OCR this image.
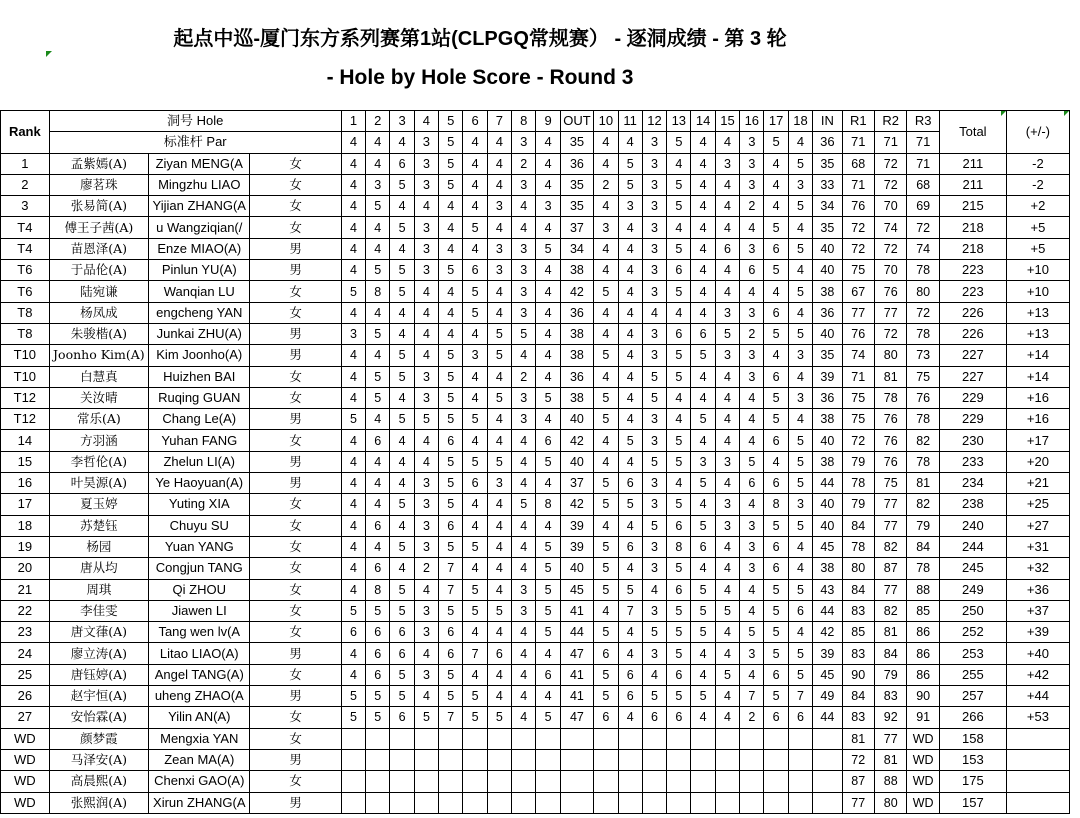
起点中巡-厦门东方系列赛第1站(CLPGQ常规赛） - 逐洞成绩 - 第 3 轮
- Hole by Hole Score - Round 3
Rank	洞号 Hole			1	2	3	4	5	6	7	8	9	OUT	10	11	12	13	14	15	16	17	18	IN	R1	R2	R3	Total	(+/-)
	标准杆 Par			4	4	4	3	5	4	4	3	4	35	4	4	3	5	4	4	3	5	4	36	71	71	71		
1	孟紫嫣(A)	Ziyan MENG(A	女	4	4	6	3	5	4	4	2	4	36	4	5	3	4	4	3	3	4	5	35	68	72	71	211	-2
2	廖茗珠	Mingzhu LIAO	女	4	3	5	3	5	4	4	3	4	35	2	5	3	5	4	4	3	4	3	33	71	72	68	211	-2
3	张易简(A)	Yijian ZHANG(A	女	4	5	4	4	4	4	3	4	3	35	4	3	3	5	4	4	2	4	5	34	76	70	69	215	+2
T4	傅王子茜(A)	u Wangziqian(/	女	4	4	5	3	4	5	4	4	4	37	3	4	3	4	4	4	4	5	4	35	72	74	72	218	+5
T4	苗恩泽(A)	Enze MIAO(A)	男	4	4	4	3	4	4	3	3	5	34	4	4	3	5	4	6	3	6	5	40	72	72	74	218	+5
T6	于品伦(A)	Pinlun YU(A)	男	4	5	5	3	5	6	3	3	4	38	4	4	3	6	4	4	6	5	4	40	75	70	78	223	+10
T6	陆宛谦	Wanqian LU	女	5	8	5	4	4	5	4	3	4	42	5	4	3	5	4	4	4	4	5	38	67	76	80	223	+10
T8	杨凤成	engcheng YAN	女	4	4	4	4	4	5	4	3	4	36	4	4	4	4	4	3	3	6	4	36	77	77	72	226	+13
T8	朱骏楷(A)	Junkai ZHU(A)	男	3	5	4	4	4	4	5	5	4	38	4	4	3	6	6	5	2	5	5	40	76	72	78	226	+13
T10	Joonho Kim(A)	Kim Joonho(A)	男	4	4	5	4	5	3	5	4	4	38	5	4	3	5	5	3	3	4	3	35	74	80	73	227	+14
T10	白慧真	Huizhen BAI	女	4	5	5	3	5	4	4	2	4	36	4	4	5	5	4	4	3	6	4	39	71	81	75	227	+14
T12	关汝晴	Ruqing GUAN	女	4	5	4	3	5	4	5	3	5	38	5	4	5	4	4	4	4	5	3	36	75	78	76	229	+16
T12	常乐(A)	Chang Le(A)	男	5	4	5	5	5	5	4	3	4	40	5	4	3	4	5	4	4	5	4	38	75	76	78	229	+16
14	方羽涵	Yuhan FANG	女	4	6	4	4	6	4	4	4	6	42	4	5	3	5	4	4	4	6	5	40	72	76	82	230	+17
15	李哲伦(A)	Zhelun LI(A)	男	4	4	4	4	5	5	5	4	5	40	4	4	5	5	3	3	5	4	5	38	79	76	78	233	+20
16	叶昊源(A)	Ye Haoyuan(A)	男	4	4	4	3	5	6	3	4	4	37	5	6	3	4	5	4	6	6	5	44	78	75	81	234	+21
17	夏玉婷	Yuting XIA	女	4	4	5	3	5	4	4	5	8	42	5	5	3	5	4	3	4	8	3	40	79	77	82	238	+25
18	苏楚钰	Chuyu SU	女	4	6	4	3	6	4	4	4	4	39	4	4	5	6	5	3	3	5	5	40	84	77	79	240	+27
19	杨园	Yuan YANG	女	4	4	5	3	5	5	4	4	5	39	5	6	3	8	6	4	3	6	4	45	78	82	84	244	+31
20	唐从均	Congjun TANG	女	4	6	4	2	7	4	4	4	5	40	5	4	3	5	4	4	3	6	4	38	80	87	78	245	+32
21	周琪	Qi ZHOU	女	4	8	5	4	7	5	4	3	5	45	5	5	4	6	5	4	4	5	5	43	84	77	88	249	+36
22	李佳雯	Jiawen LI	女	5	5	5	3	5	5	5	3	5	41	4	7	3	5	5	5	4	5	6	44	83	82	85	250	+37
23	唐文葎(A)	Tang wen lv(A	女	6	6	6	3	6	4	4	4	5	44	5	4	5	5	5	4	5	5	4	42	85	81	86	252	+39
24	廖立涛(A)	Litao LIAO(A)	男	4	6	6	4	6	7	6	4	4	47	6	4	3	5	4	4	3	5	5	39	83	84	86	253	+40
25	唐钰婷(A)	Angel TANG(A)	女	4	6	5	3	5	4	4	4	6	41	5	6	4	6	4	5	4	6	5	45	90	79	86	255	+42
26	赵宇恒(A)	uheng ZHAO(A	男	5	5	5	4	5	5	4	4	4	41	5	6	5	5	5	4	7	5	7	49	84	83	90	257	+44
27	安怡霖(A)	Yilin AN(A)	女	5	5	6	5	7	5	5	4	5	47	6	4	6	6	4	4	2	6	6	44	83	92	91	266	+53
WD	颜梦霞	Mengxia YAN	女																					81	77	WD	158	
WD	马泽安(A)	Zean MA(A)	男																					72	81	WD	153	
WD	高晨熙(A)	Chenxi GAO(A)	女																					87	88	WD	175	
WD	张熙润(A)	Xirun ZHANG(A	男																					77	80	WD	157	
